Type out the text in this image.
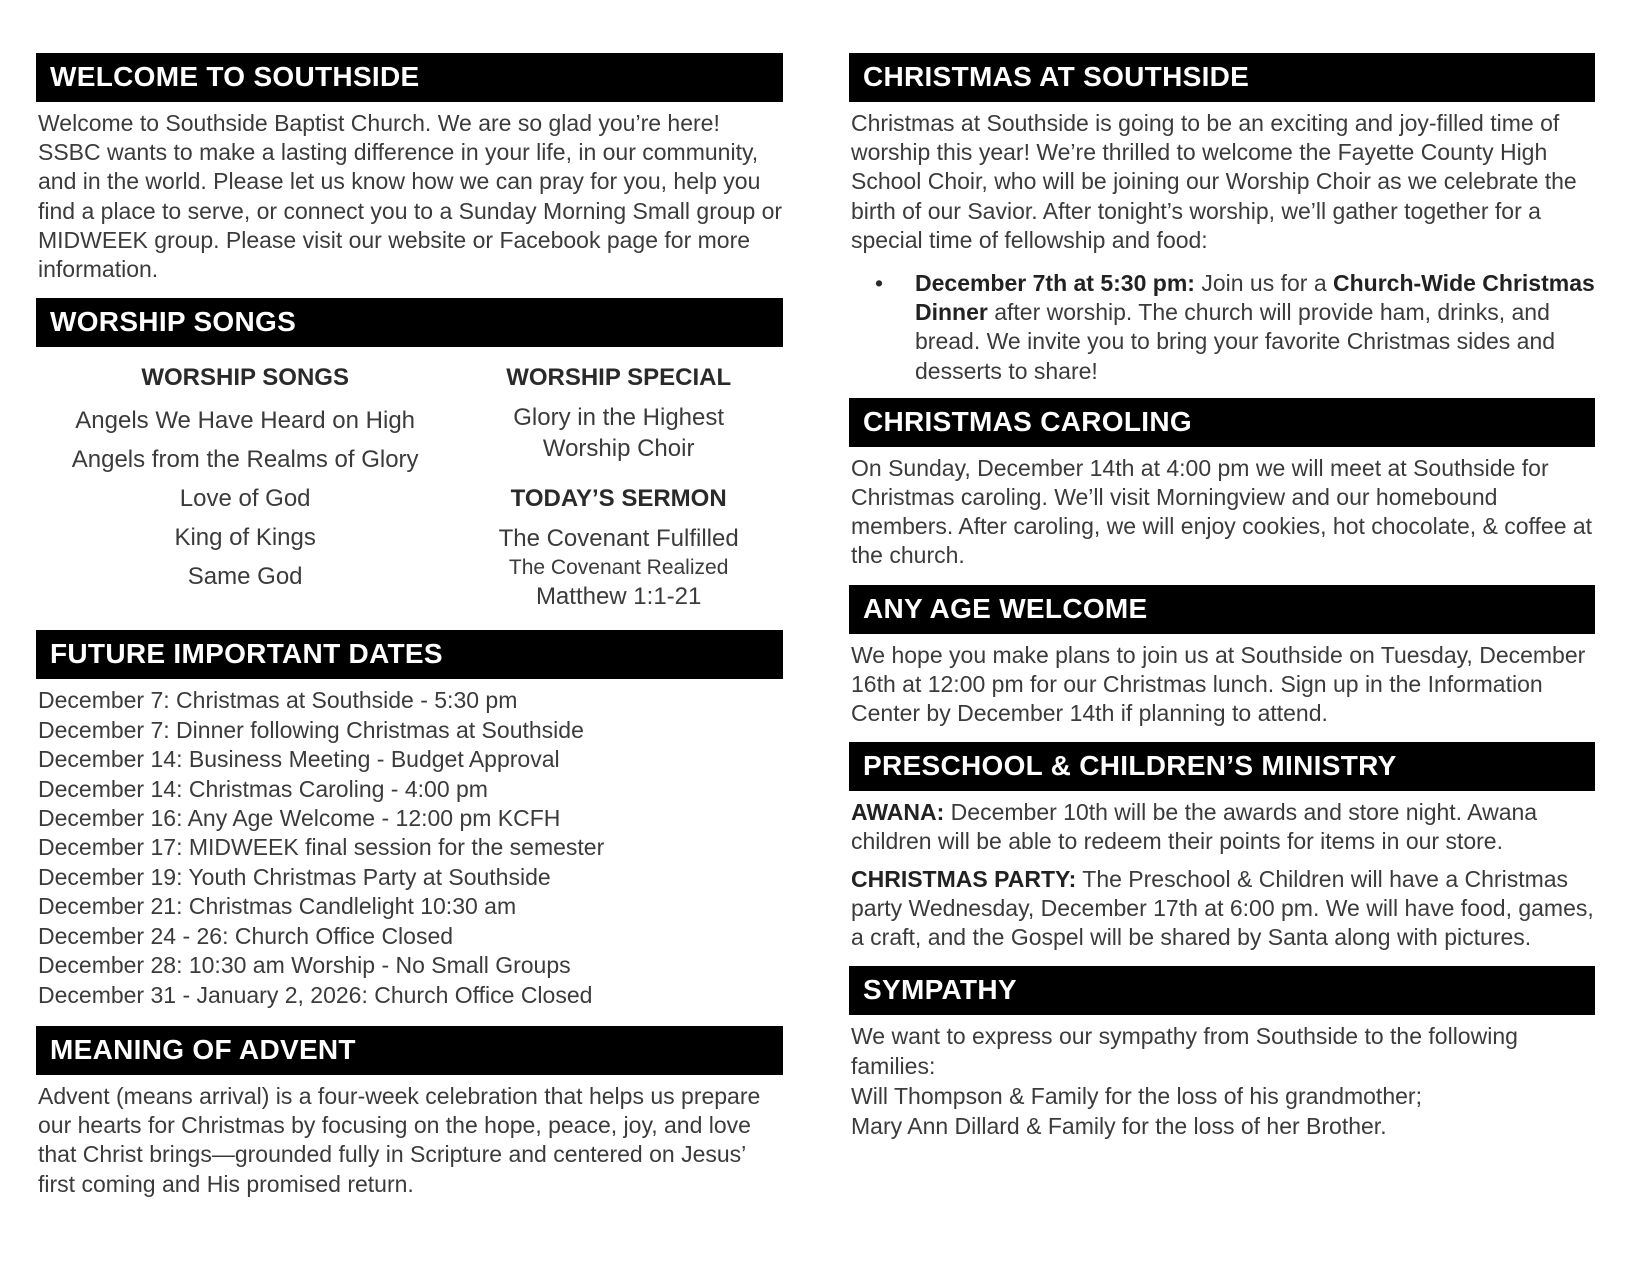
WELCOME TO SOUTHSIDE
Welcome to Southside Baptist Church. We are so glad you’re here! SSBC wants to make a lasting difference in your life, in our community, and in the world. Please let us know how we can pray for you, help you find a place to serve, or connect you to a Sunday Morning Small group or MIDWEEK group. Please visit our website or Facebook page for more information.
WORSHIP SONGS
WORSHIP SONGS
Angels We Have Heard on High
Angels from the Realms of Glory
Love of God
King of Kings
Same God
WORSHIP SPECIAL
Glory in the Highest
Worship Choir
TODAY’S SERMON
The Covenant Fulfilled
The Covenant Realized
Matthew 1:1-21
FUTURE IMPORTANT DATES
December 7: Christmas at Southside - 5:30 pm
December 7: Dinner following Christmas at Southside
December 14: Business Meeting - Budget Approval
December 14: Christmas Caroling - 4:00 pm
December 16: Any Age Welcome - 12:00 pm KCFH
December 17: MIDWEEK final session for the semester
December 19: Youth Christmas Party at Southside
December 21: Christmas Candlelight 10:30 am
December 24 - 26: Church Office Closed
December 28: 10:30 am Worship - No Small Groups
December 31 - January 2, 2026: Church Office Closed
MEANING OF ADVENT
Advent (means arrival) is a four-week celebration that helps us prepare our hearts for Christmas by focusing on the hope, peace, joy, and love that Christ brings—grounded fully in Scripture and centered on Jesus’ first coming and His promised return.
CHRISTMAS AT SOUTHSIDE
Christmas at Southside is going to be an exciting and joy-filled time of worship this year! We’re thrilled to welcome the Fayette County High School Choir, who will be joining our Worship Choir as we celebrate the birth of our Savior. After tonight’s worship, we’ll gather together for a special time of fellowship and food:
•	December 7th at 5:30 pm: Join us for a Church-Wide Christmas Dinner after worship. The church will provide ham, drinks, and bread. We invite you to bring your favorite Christmas sides and desserts to share!
CHRISTMAS CAROLING
On Sunday, December 14th at 4:00 pm we will meet at Southside for Christmas caroling. We’ll visit Morningview and our homebound members. After caroling, we will enjoy cookies, hot chocolate, & coffee at the church.
ANY AGE WELCOME
We hope you make plans to join us at Southside on Tuesday, December 16th at 12:00 pm for our Christmas lunch. Sign up in the Information Center by December 14th if planning to attend.
PRESCHOOL & CHILDREN’S MINISTRY
AWANA: December 10th will be the awards and store night. Awana children will be able to redeem their points for items in our store.
CHRISTMAS PARTY: The Preschool & Children will have a Christmas party Wednesday, December 17th at 6:00 pm. We will have food, games, a craft, and the Gospel will be shared by Santa along with pictures.
SYMPATHY
We want to express our sympathy from Southside to the following families:
Will Thompson & Family for the loss of his grandmother;
Mary Ann Dillard & Family for the loss of her Brother.
